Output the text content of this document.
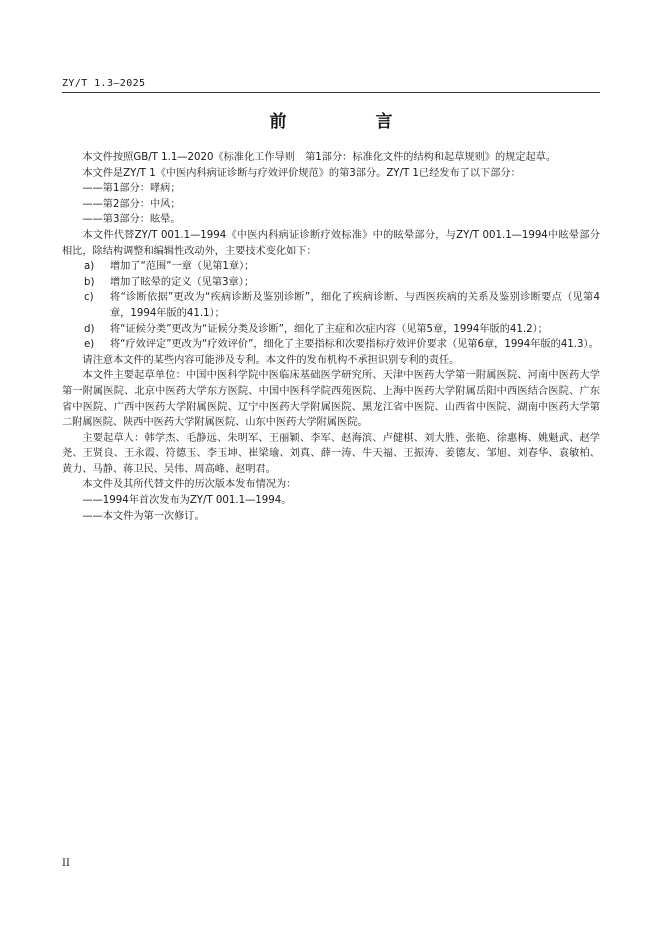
ZY/T 1.3—2025
前　言

本文件按照GB/T 1.1—2020《标准化工作导则　第1部分：标准化文件的结构和起草规则》的规定起草。

本文件是ZY/T 1《中医内科病证诊断与疗效评价规范》的第3部分。ZY/T 1已经发布了以下部分：

——第1部分：哮病；

——第2部分：中风；

——第3部分：眩晕。

本文件代替ZY/T 001.1—1994《中医内科病证诊断疗效标准》中的眩晕部分，与ZY/T 001.1—1994中眩晕部分相比，除结构调整和编辑性改动外，主要技术变化如下：

a) 增加了“范围”一章（见第1章）；
b) 增加了眩晕的定义（见第3章）；
c) 将“诊断依据”更改为“疾病诊断及鉴别诊断”，细化了疾病诊断、与西医疾病的关系及鉴别诊断要点（见第4章，1994年版的41.1）；
d) 将“证候分类”更改为“证候分类及诊断”，细化了主症和次症内容（见第5章，1994年版的41.2）；
e) 将“疗效评定”更改为“疗效评价”，细化了主要指标和次要指标疗效评价要求（见第6章，1994年版的41.3）。

请注意本文件的某些内容可能涉及专利。本文件的发布机构不承担识别专利的责任。

本文件主要起草单位：中国中医科学院中医临床基础医学研究所、天津中医药大学第一附属医院、河南中医药大学第一附属医院、北京中医药大学东方医院、中国中医科学院西苑医院、上海中医药大学附属岳阳中西医结合医院、广东省中医院、广西中医药大学附属医院、辽宁中医药大学附属医院、黑龙江省中医院、山西省中医院、湖南中医药大学第二附属医院、陕西中医药大学附属医院、山东中医药大学附属医院。

主要起草人：韩学杰、毛静远、朱明军、王丽颖、李军、赵海滨、卢健棋、刘大胜、张艳、徐惠梅、姚魁武、赵学尧、王贤良、王永霞、符德玉、李玉坤、崔梁瑜、刘真、薛一涛、牛天福、王振涛、姜德友、邹旭、刘春华、袁敏柏、黄力、马静、蒋卫民、吴伟、周高峰、赵明君。

本文件及其所代替文件的历次版本发布情况为：

——1994年首次发布为ZY/T 001.1—1994。

——本文件为第一次修订。

II
